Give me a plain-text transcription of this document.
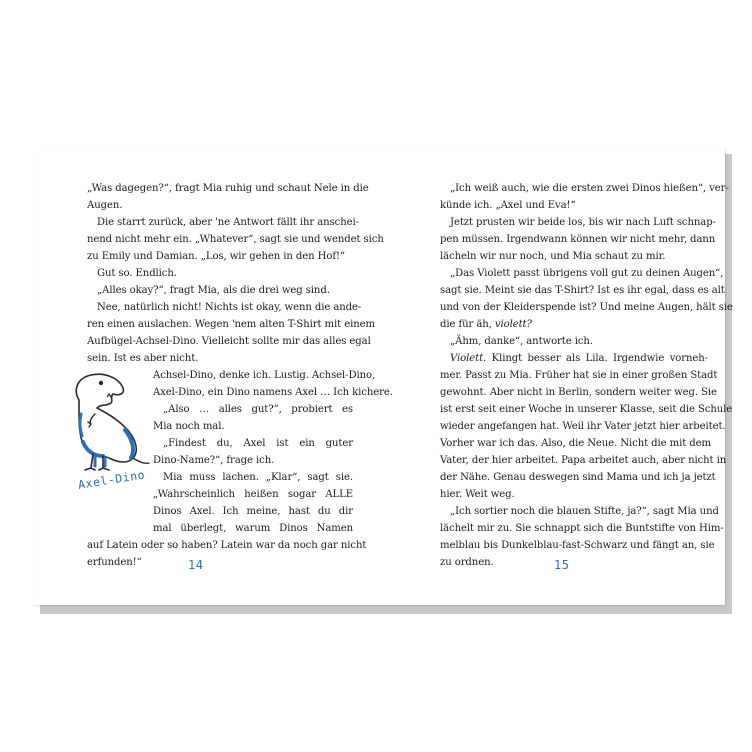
„Was dagegen?“, fragt Mia ruhig und schaut Nele in die
Augen.
Die starrt zurück, aber 'ne Antwort fällt ihr anschei-
nend nicht mehr ein. „Whatever“, sagt sie und wendet sich
zu Emily und Damian. „Los, wir gehen in den Hof!“
Gut so. Endlich.
„Alles okay?“, fragt Mia, als die drei weg sind.
Nee, natürlich nicht! Nichts ist okay, wenn die ande-
ren einen auslachen. Wegen 'nem alten T-Shirt mit einem
Aufbügel-Achsel-Dino. Vielleicht sollte mir das alles egal
sein. Ist es aber nicht.
Achsel-Dino, denke ich. Lustig. Achsel-Dino,
Axel-Dino, ein Dino namens Axel … Ich kichere.
„Also … alles gut?“, probiert es
Mia noch mal.
„Findest du, Axel ist ein guter
Dino-Name?“, frage ich.
Mia muss lachen. „Klar“, sagt sie.
„Wahrscheinlich heißen sogar ALLE
Dinos Axel. Ich meine, hast du dir
mal überlegt, warum Dinos Namen
auf Latein oder so haben? Latein war da noch gar nicht
erfunden!“
Axel-Dino
14
„Ich weiß auch, wie die ersten zwei Dinos hießen“, ver-
künde ich. „Axel und Eva!“
Jetzt prusten wir beide los, bis wir nach Luft schnap-
pen müssen. Irgendwann können wir nicht mehr, dann
lächeln wir nur noch, und Mia schaut zu mir.
„Das Violett passt übrigens voll gut zu deinen Augen“,
sagt sie. Meint sie das T-Shirt? Ist es ihr egal, dass es alt
und von der Kleiderspende ist? Und meine Augen, hält sie
die für äh, violett?
„Ähm, danke“, antworte ich.
Violett. Klingt besser als Lila. Irgendwie vorneh-
mer. Passt zu Mia. Früher hat sie in einer großen Stadt
gewohnt. Aber nicht in Berlin, sondern weiter weg. Sie
ist erst seit einer Woche in unserer Klasse, seit die Schule
wieder angefangen hat. Weil ihr Vater jetzt hier arbeitet.
Vorher war ich das. Also, die Neue. Nicht die mit dem
Vater, der hier arbeitet. Papa arbeitet auch, aber nicht in
der Nähe. Genau deswegen sind Mama und ich ja jetzt
hier. Weit weg.
„Ich sortier noch die blauen Stifte, ja?“, sagt Mia und
lächelt mir zu. Sie schnappt sich die Buntstifte von Him-
melblau bis Dunkelblau-fast-Schwarz und fängt an, sie
zu ordnen.	15
